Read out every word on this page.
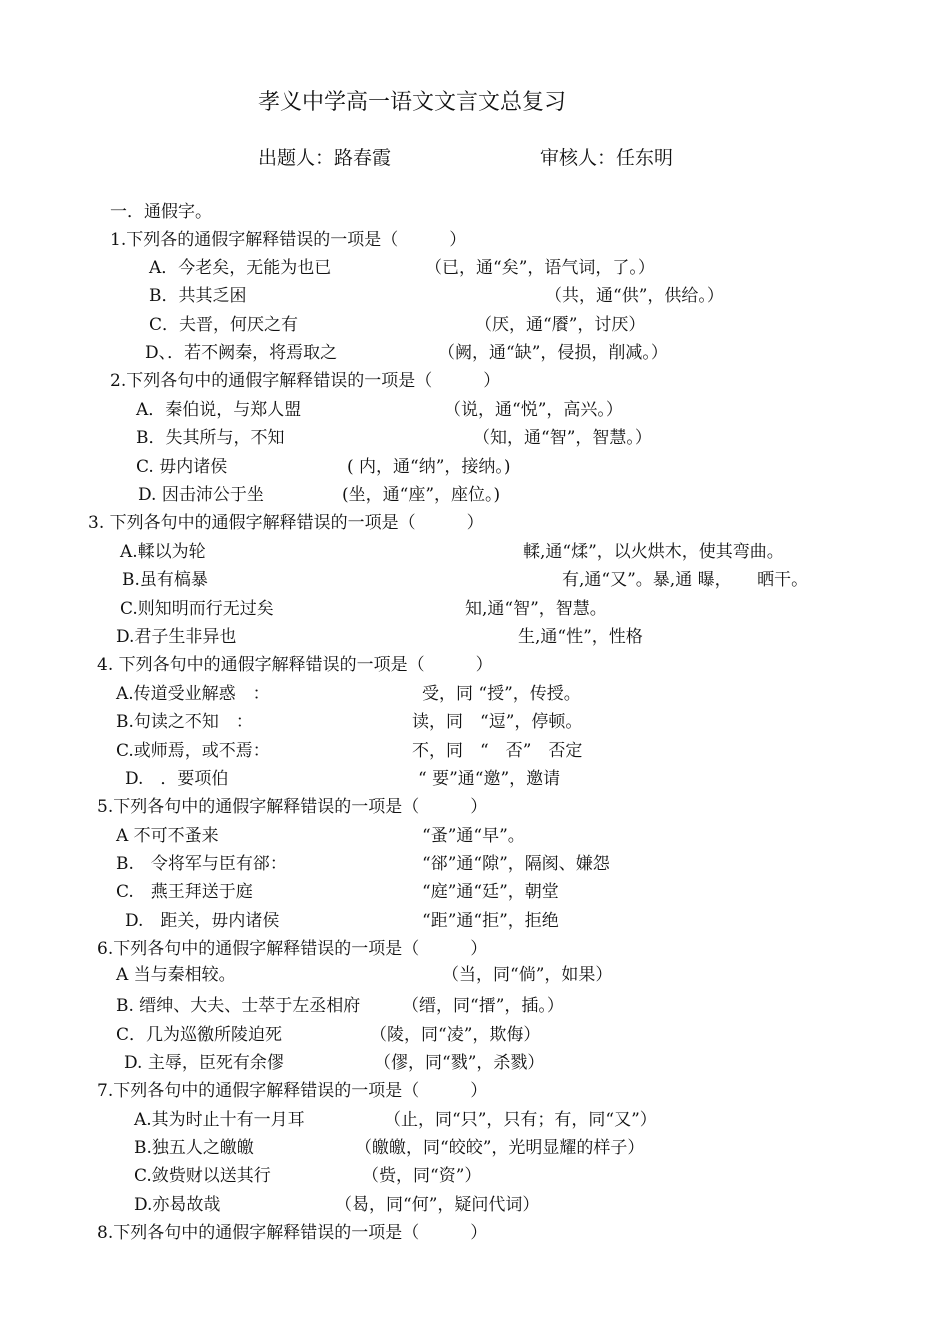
孝义中学高一语文文言文总复习
出题人：路春霞	审核人：任东明
一．通假字。
1.下列各的通假字解释错误的一项是（　　　）
A．今老矣，无能为也已	（已，通“矣”，语气词，了。）
B．共其乏困	（共，通“供”，供给。）
C．夫晋，何厌之有	（厌，通“餍”，讨厌）
D、．若不阙秦，将焉取之	（阙，通“缺”，侵损，削减。）
2.下列各句中的通假字解释错误的一项是（　　　）
A．秦伯说，与郑人盟	（说，通“悦”，高兴。）
B．失其所与，不知	（知，通“智”，智慧。）
C. 毋内诸侯	( 内，通“纳”，接纳。)
D. 因击沛公于坐	(坐，通“座”，座位。)
3. 下列各句中的通假字解释错误的一项是（　　　）
A.輮以为轮	輮,通“煣”，以火烘木，使其弯曲。
B.虽有槁暴	有,通“又”。暴,通 曝，　　晒干。
C.则知明而行无过矣	知,通“智”，智慧。
D.君子生非异也	生,通“性”，性格
4. 下列各句中的通假字解释错误的一项是（　　　）
A.传道受业解惑　：	受，同 “授”，传授。
B.句读之不知　：	读，同　“逗”，停顿。
C.或师焉，或不焉：	不，同　“　否”　否定
D.　．要项伯	“ 要”通“邀”，邀请
5.下列各句中的通假字解释错误的一项是（　　　）
A 不可不蚤来	“蚤”通“早”。
B.　令将军与臣有郤：	“郤”通“隙”，隔阂、嫌怨
C.　燕王拜送于庭	“庭”通“廷”，朝堂
D.　距关，毋内诸侯	“距”通“拒”，拒绝
6.下列各句中的通假字解释错误的一项是（　　　）
A 当与秦相较。	（当，同“倘”，如果）
B. 缙绅、大夫、士萃于左丞相府 （缙，同“搢”，插。）
C．几为巡徼所陵迫死	（陵，同“凌”，欺侮）
D. 主辱，臣死有余僇	（僇，同“戮”，杀戮）
7.下列各句中的通假字解释错误的一项是（　　　）
A.其为时止十有一月耳	（止，同“只”，只有；有，同“又”）
B.独五人之皦皦	（皦皦，同“皎皎”，光明显耀的样子）
C.敛赀财以送其行	（赀，同“资”）
D.亦曷故哉	（曷，同“何”，疑问代词）
8.下列各句中的通假字解释错误的一项是（　　　）
